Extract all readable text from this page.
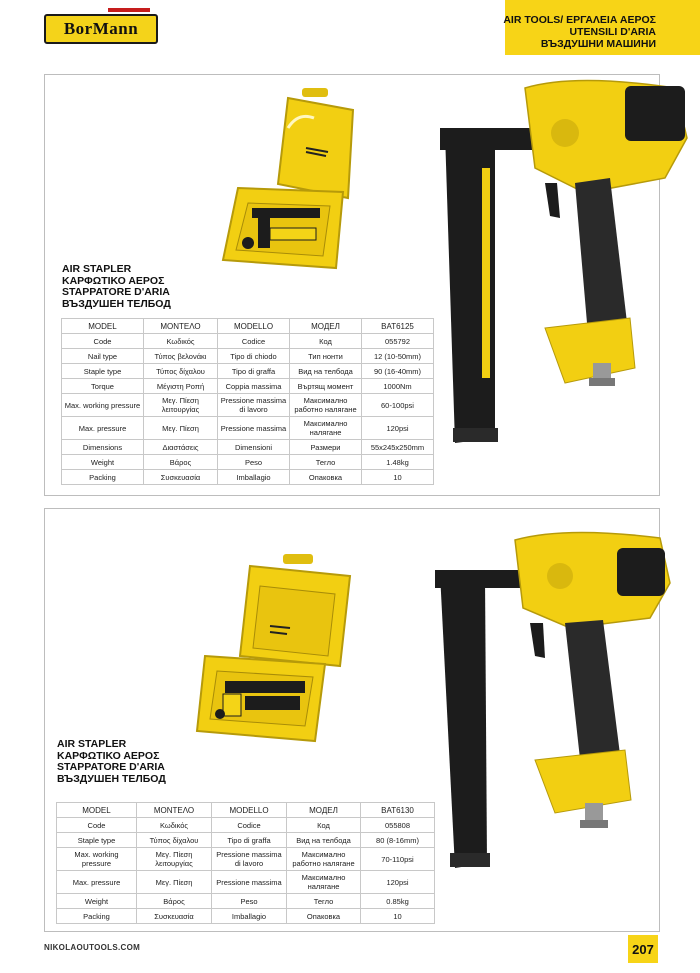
BorMann	AIR TOOLS/ ΕΡΓΑΛΕΙΑ ΑΕΡΟΣ
UTENSILI D'ARIA
ВЪЗДУШНИ МАШИНИ
AIR STAPLER
ΚΑΡΦΩΤΙΚΟ ΑΕΡΟΣ
STAPPATORE D'ARIA
ВЪЗДУШЕН ТЕЛБОД
MODEL	ΜΟΝΤΕΛΟ	MODELLO	МОДЕЛ	BAT6125
Code	Κωδικός	Codice	Код	055792
Nail type	Τύπος βελονάκι	Tipo di chiodo	Тип нонти	12 (10-50mm)
Staple type	Τύπος δίχαλου	Tipo di graffa	Вид на телбода	90 (16-40mm)
Torque	Μέγιστη Ροπή	Coppia massima	Въртящ момент	1000Nm
Max. working pressure	Μεγ. Πίεση λειτουργίας	Pressione massima di lavoro	Максимално работно налягане	60-100psi
Max. pressure	Μεγ. Πίεση	Pressione massima	Максимално налягане	120psi
Dimensions	Διαστάσεις	Dimensioni	Размери	55x245x250mm
Weight	Βάρος	Peso	Тегло	1.48kg
Packing	Συσκευασία	Imballagio	Опаковка	10
AIR STAPLER
ΚΑΡΦΩΤΙΚΟ ΑΕΡΟΣ
STAPPATORE D'ARIA
ВЪЗДУШЕН ТЕЛБОД
MODEL	ΜΟΝΤΕΛΟ	MODELLO	МОДЕЛ	BAT6130
Code	Κωδικός	Codice	Код	055808
Staple type	Τύπος δίχαλου	Tipo di graffa	Вид на телбода	80 (8-16mm)
Max. working pressure	Μεγ. Πίεση λειτουργίας	Pressione massima di lavoro	Максимално работно налягане	70-110psi
Max. pressure	Μεγ. Πίεση	Pressione massima	Максимално налягане	120psi
Weight	Βάρος	Peso	Тегло	0.85kg
Packing	Συσκευασία	Imballagio	Опаковка	10
NIKOLAOUTOOLS.COM	207
